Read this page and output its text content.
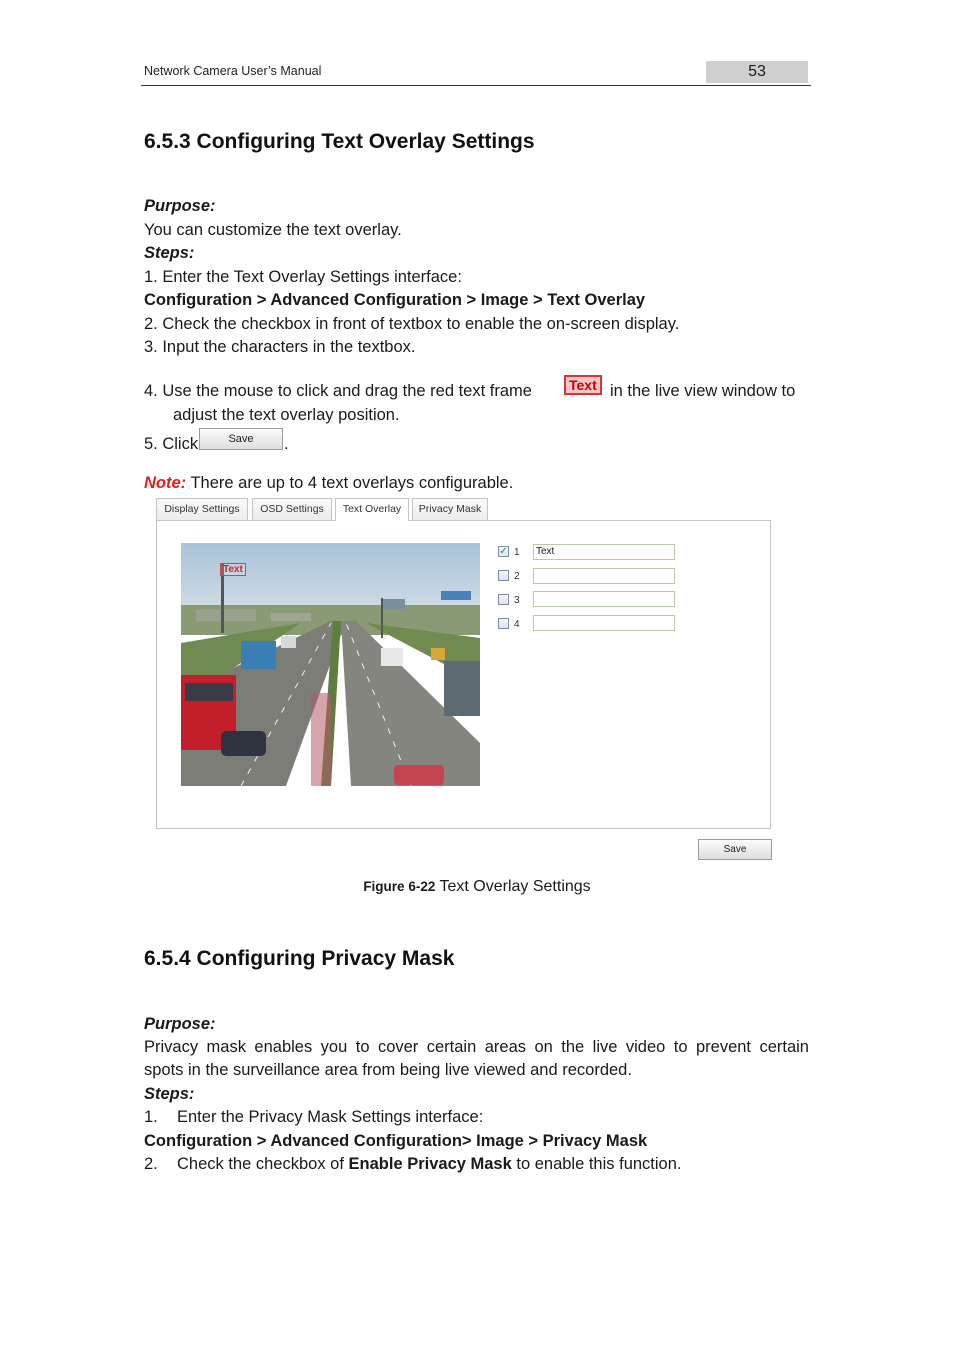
Network Camera User’s Manual	53
6.5.3 Configuring Text Overlay Settings
Purpose:
You can customize the text overlay.
Steps:
1. Enter the Text Overlay Settings interface:
Configuration > Advanced Configuration > Image > Text Overlay
2. Check the checkbox in front of textbox to enable the on-screen display.
3. Input the characters in the textbox.
4. Use the mouse to click and drag the red text frame	Text in the live view window to
adjust the text overlay position.
5. Click	Save	.
Note: There are up to 4 text overlays configurable.
Display Settings	OSD Settings	Text Overlay	Privacy Mask
Text
✓ 1	Text
2
3
4
Save
Figure 6-22 Text Overlay Settings
6.5.4 Configuring Privacy Mask
Purpose:
Privacy mask enables you to cover certain areas on the live video to prevent certain
spots in the surveillance area from being live viewed and recorded.
Steps:
1. Enter the Privacy Mask Settings interface:
Configuration > Advanced Configuration> Image > Privacy Mask
2. Check the checkbox of Enable Privacy Mask to enable this function.
